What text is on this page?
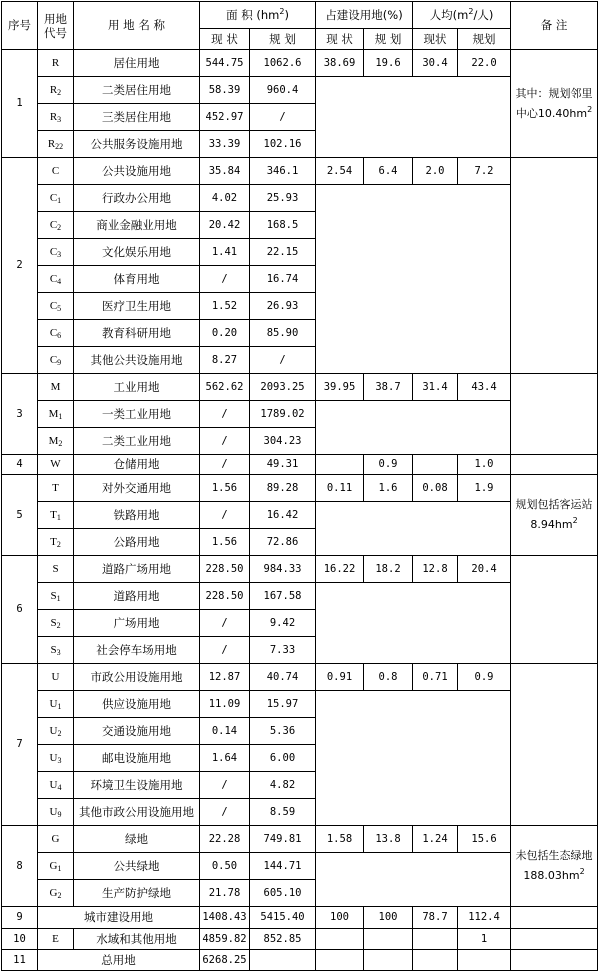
序号	用地
代号	用 地 名 称	面 积 $(hm^2)$		占建设用地(%)		人均($m^2/$人)		备 注
			现 状	规 划	现 状	规 划	现状	规划	
1	R	居住用地	544.75	1062.6	38.69	19.6	30.4	22.0	其中：规划邻里中心$10.40hm^2$
	$R_2$	二类居住用地	58.39	960.4					
	$R_3$	三类居住用地	452.97	/					
	$R_{22}$	公共服务设施用地	33.39	102.16					
2	C	公共设施用地	35.84	346.1	2.54	6.4	2.0	7.2	
	$C_1$	行政办公用地	4.02	25.93					
	$C_2$	商业金融业用地	20.42	168.5					
	$C_3$	文化娱乐用地	1.41	22.15					
	$C_4$	体育用地	/	16.74					
	$C_5$	医疗卫生用地	1.52	26.93					
	$C_6$	教育科研用地	0.20	85.90					
	$C_9$	其他公共设施用地	8.27	/					
3	M	工业用地	562.62	2093.25	39.95	38.7	31.4	43.4	
	$M_1$	一类工业用地	/	1789.02					
	$M_2$	二类工业用地	/	304.23					
4	W	仓储用地	/	49.31		0.9		1.0	
5	T	对外交通用地	1.56	89.28	0.11	1.6	0.08	1.9	规划包括客运站$8.94hm^2$
	$T_1$	铁路用地	/	16.42					
	$T_2$	公路用地	1.56	72.86					
6	S	道路广场用地	228.50	984.33	16.22	18.2	12.8	20.4	
	$S_1$	道路用地	228.50	167.58					
	$S_2$	广场用地	/	9.42					
	$S_3$	社会停车场用地	/	7.33					
7	U	市政公用设施用地	12.87	40.74	0.91	0.8	0.71	0.9	
	$U_1$	供应设施用地	11.09	15.97					
	$U_2$	交通设施用地	0.14	5.36					
	$U_3$	邮电设施用地	1.64	6.00					
	$U_4$	环境卫生设施用地	/	4.82					
	$U_9$	其他市政公用设施用地	/	8.59					
8	G	绿地	22.28	749.81	1.58	13.8	1.24	15.6	未包括生态绿地$188.03hm^2$
	$G_1$	公共绿地	0.50	144.71					
	$G_2$	生产防护绿地	21.78	605.10					
9	城市建设用地		1408.43	5415.40	100	100	78.7	112.4	
10	E	水域和其他用地	4859.82	852.85				1	
11	总用地		6268.25						
